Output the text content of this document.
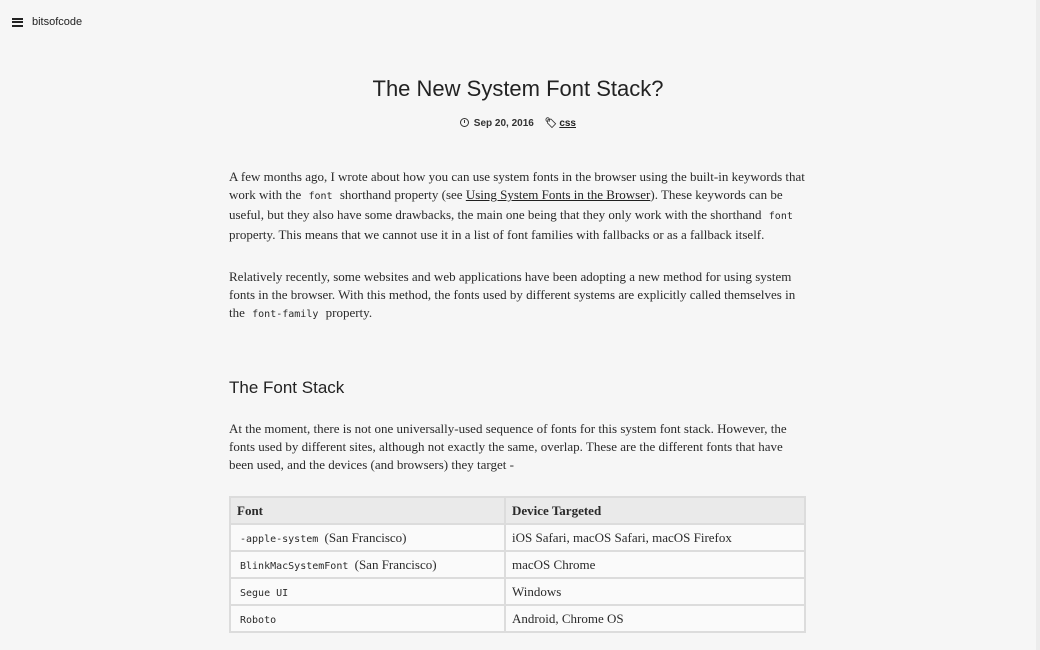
bitsofcode
The New System Font Stack?
Sep 20, 2016 🏷︎ css

A few months ago, I wrote about how you can use system fonts in the browser using the built-in keywords that work with the font shorthand property (see Using System Fonts in the Browser). These keywords can be useful, but they also have some drawbacks, the main one being that they only work with the shorthand font property. This means that we cannot use it in a list of font families with fallbacks or as a fallback itself.

Relatively recently, some websites and web applications have been adopting a new method for using system fonts in the browser. With this method, the fonts used by different systems are explicitly called themselves in the font-family property.

The Font Stack

At the moment, there is not one universally-used sequence of fonts for this system font stack. However, the fonts used by different sites, although not exactly the same, overlap. These are the different fonts that have been used, and the devices (and browsers) they target -

Font	Device Targeted
-apple-system (San Francisco)	iOS Safari, macOS Safari, macOS Firefox
BlinkMacSystemFont (San Francisco)	macOS Chrome
Segue UI	Windows
Roboto	Android, Chrome OS
